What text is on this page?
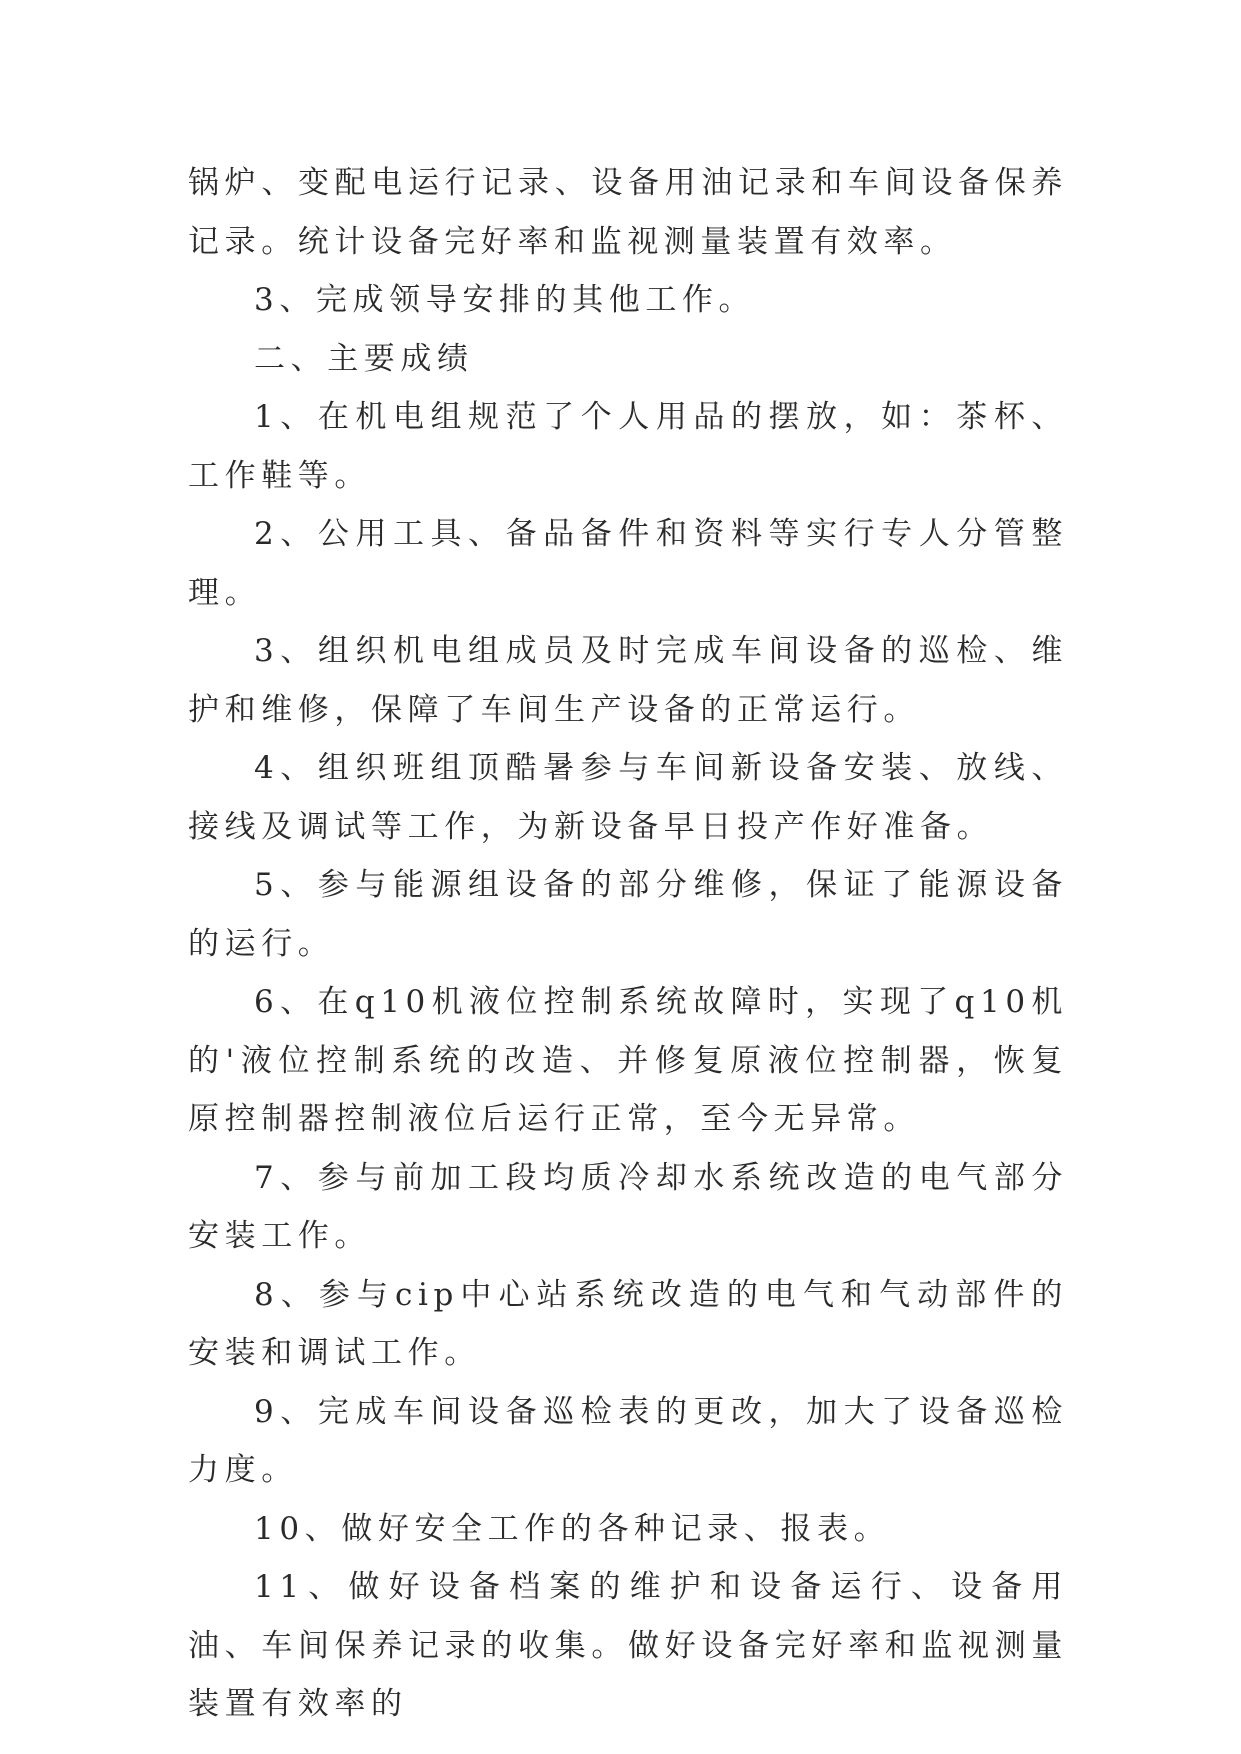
锅炉、变配电运行记录、设备用油记录和车间设备保养记录。统计设备完好率和监视测量装置有效率。

3、完成领导安排的其他工作。

二、主要成绩

1、在机电组规范了个人用品的摆放，如：茶杯、工作鞋等。

2、公用工具、备品备件和资料等实行专人分管整理。

3、组织机电组成员及时完成车间设备的巡检、维护和维修，保障了车间生产设备的正常运行。

4、组织班组顶酷暑参与车间新设备安装、放线、接线及调试等工作，为新设备早日投产作好准备。

5、参与能源组设备的部分维修，保证了能源设备的运行。

6、在q10机液位控制系统故障时，实现了q10机的'液位控制系统的改造、并修复原液位控制器，恢复原控制器控制液位后运行正常，至今无异常。

7、参与前加工段均质冷却水系统改造的电气部分安装工作。

8、参与cip中心站系统改造的电气和气动部件的安装和调试工作。

9、完成车间设备巡检表的更改，加大了设备巡检力度。

10、做好安全工作的各种记录、报表。

11、做好设备档案的维护和设备运行、设备用油、车间保养记录的收集。做好设备完好率和监视测量装置有效率的
